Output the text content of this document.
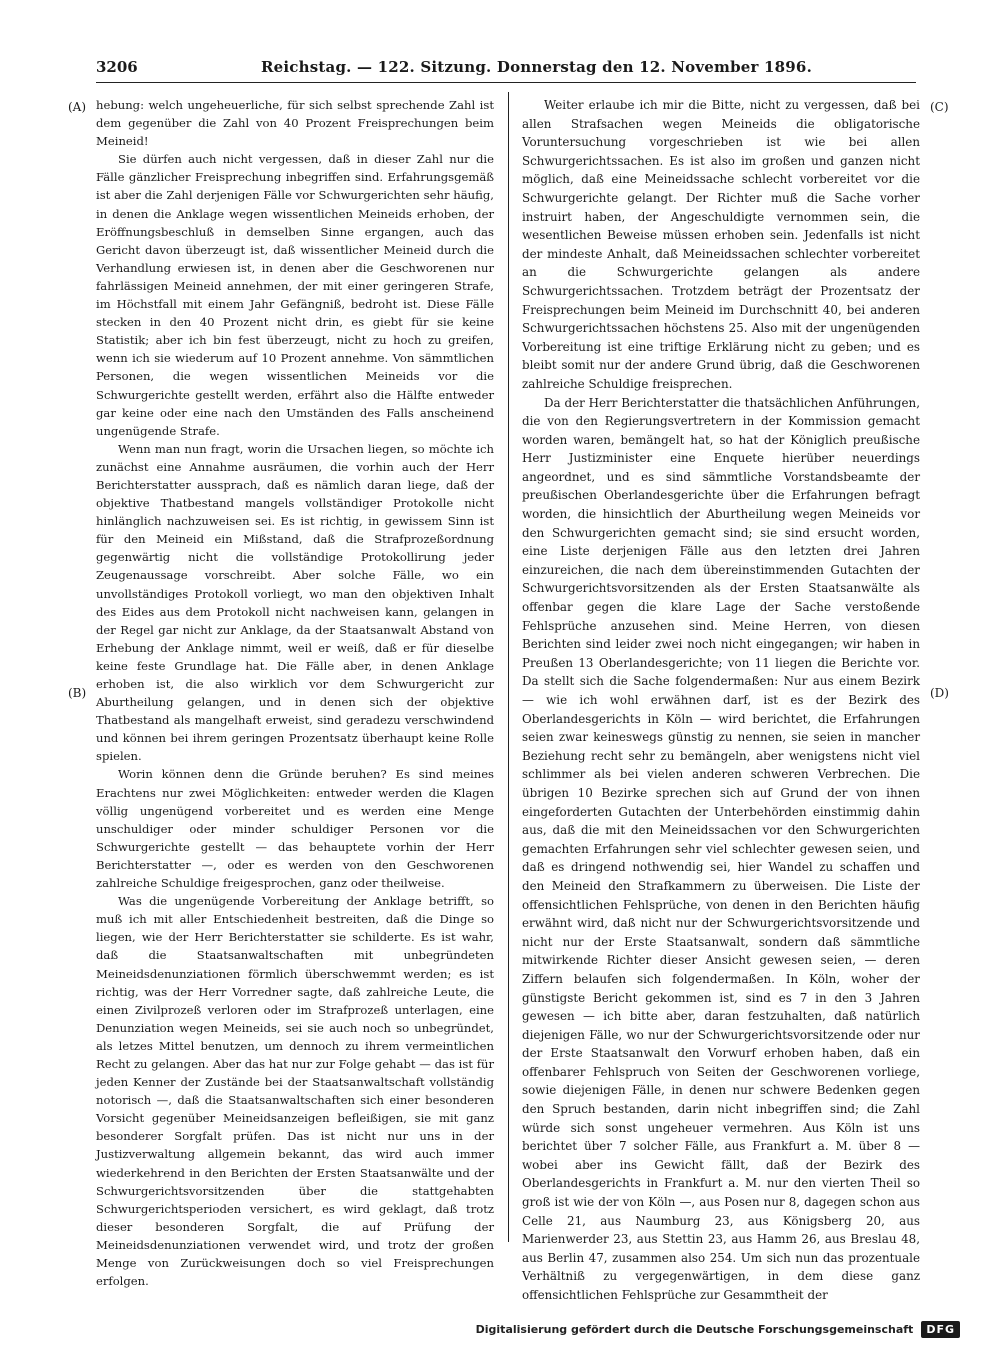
3206	Reichstag. — 122. Sitzung. Donnerstag den 12. November 1896.
(A)
(B)
(C)
(D)

hebung: welch ungeheuerliche, für sich selbst sprechende Zahl ist dem gegenüber die Zahl von 40 Prozent Freisprechungen beim Meineid!

Sie dürfen auch nicht vergessen, daß in dieser Zahl nur die Fälle gänzlicher Freisprechung inbegriffen sind. Erfahrungsgemäß ist aber die Zahl derjenigen Fälle vor Schwurgerichten sehr häufig, in denen die Anklage wegen wissentlichen Meineids erhoben, der Eröffnungsbeschluß in demselben Sinne ergangen, auch das Gericht davon überzeugt ist, daß wissentlicher Meineid durch die Verhandlung erwiesen ist, in denen aber die Geschworenen nur fahrlässigen Meineid annehmen, der mit einer geringeren Strafe, im Höchstfall mit einem Jahr Gefängniß, bedroht ist. Diese Fälle stecken in den 40 Prozent nicht drin, es giebt für sie keine Statistik; aber ich bin fest überzeugt, nicht zu hoch zu greifen, wenn ich sie wiederum auf 10 Prozent annehme. Von sämmtlichen Personen, die wegen wissentlichen Meineids vor die Schwurgerichte gestellt werden, erfährt also die Hälfte entweder gar keine oder eine nach den Umständen des Falls anscheinend ungenügende Strafe.

Wenn man nun fragt, worin die Ursachen liegen, so möchte ich zunächst eine Annahme ausräumen, die vorhin auch der Herr Berichterstatter aussprach, daß es nämlich daran liege, daß der objektive Thatbestand mangels vollständiger Protokolle nicht hinlänglich nachzuweisen sei. Es ist richtig, in gewissem Sinn ist für den Meineid ein Mißstand, daß die Strafprozeßordnung gegenwärtig nicht die vollständige Protokollirung jeder Zeugenaussage vorschreibt. Aber solche Fälle, wo ein unvollständiges Protokoll vorliegt, wo man den objektiven Inhalt des Eides aus dem Protokoll nicht nachweisen kann, gelangen in der Regel gar nicht zur Anklage, da der Staatsanwalt Abstand von Erhebung der Anklage nimmt, weil er weiß, daß er für dieselbe keine feste Grundlage hat. Die Fälle aber, in denen Anklage erhoben ist, die also wirklich vor dem Schwurgericht zur Aburtheilung gelangen, und in denen sich der objektive Thatbestand als mangelhaft erweist, sind geradezu verschwindend und können bei ihrem geringen Prozentsatz überhaupt keine Rolle spielen.

Worin können denn die Gründe beruhen? Es sind meines Erachtens nur zwei Möglichkeiten: entweder werden die Klagen völlig ungenügend vorbereitet und es werden eine Menge unschuldiger oder minder schuldiger Personen vor die Schwurgerichte gestellt — das behauptete vorhin der Herr Berichterstatter —, oder es werden von den Geschworenen zahlreiche Schuldige freigesprochen, ganz oder theilweise.

Was die ungenügende Vorbereitung der Anklage betrifft, so muß ich mit aller Entschiedenheit bestreiten, daß die Dinge so liegen, wie der Herr Berichterstatter sie schilderte. Es ist wahr, daß die Staatsanwaltschaften mit unbegründeten Meineidsdenunziationen förmlich überschwemmt werden; es ist richtig, was der Herr Vorredner sagte, daß zahlreiche Leute, die einen Zivilprozeß verloren oder im Strafprozeß unterlagen, eine Denunziation wegen Meineids, sei sie auch noch so unbegründet, als letzes Mittel benutzen, um dennoch zu ihrem vermeintlichen Recht zu gelangen. Aber das hat nur zur Folge gehabt — das ist für jeden Kenner der Zustände bei der Staatsanwaltschaft vollständig notorisch —, daß die Staatsanwaltschaften sich einer besonderen Vorsicht gegenüber Meineidsanzeigen befleißigen, sie mit ganz besonderer Sorgfalt prüfen. Das ist nicht nur uns in der Justizverwaltung allgemein bekannt, das wird auch immer wiederkehrend in den Berichten der Ersten Staatsanwälte und der Schwurgerichtsvorsitzenden über die stattgehabten Schwurgerichtsperioden versichert, es wird geklagt, daß trotz dieser besonderen Sorgfalt, die auf Prüfung der Meineidsdenunziationen verwendet wird, und trotz der großen Menge von Zurückweisungen doch so viel Freisprechungen erfolgen.

Weiter erlaube ich mir die Bitte, nicht zu vergessen, daß bei allen Strafsachen wegen Meineids die obligatorische Voruntersuchung vorgeschrieben ist wie bei allen Schwurgerichtssachen. Es ist also im großen und ganzen nicht möglich, daß eine Meineidssache schlecht vorbereitet vor die Schwurgerichte gelangt. Der Richter muß die Sache vorher instruirt haben, der Angeschuldigte vernommen sein, die wesentlichen Beweise müssen erhoben sein. Jedenfalls ist nicht der mindeste Anhalt, daß Meineidssachen schlechter vorbereitet an die Schwurgerichte gelangen als andere Schwurgerichtssachen. Trotzdem beträgt der Prozentsatz der Freisprechungen beim Meineid im Durchschnitt 40, bei anderen Schwurgerichtssachen höchstens 25. Also mit der ungenügenden Vorbereitung ist eine triftige Erklärung nicht zu geben; und es bleibt somit nur der andere Grund übrig, daß die Geschworenen zahlreiche Schuldige freisprechen.

Da der Herr Berichterstatter die thatsächlichen Anführungen, die von den Regierungsvertretern in der Kommission gemacht worden waren, bemängelt hat, so hat der Königlich preußische Herr Justizminister eine Enquete hierüber neuerdings angeordnet, und es sind sämmtliche Vorstandsbeamte der preußischen Oberlandesgerichte über die Erfahrungen befragt worden, die hinsichtlich der Aburtheilung wegen Meineids vor den Schwurgerichten gemacht sind; sie sind ersucht worden, eine Liste derjenigen Fälle aus den letzten drei Jahren einzureichen, die nach dem übereinstimmenden Gutachten der Schwurgerichtsvorsitzenden als der Ersten Staatsanwälte als offenbar gegen die klare Lage der Sache verstoßende Fehlsprüche anzusehen sind. Meine Herren, von diesen Berichten sind leider zwei noch nicht eingegangen; wir haben in Preußen 13 Oberlandesgerichte; von 11 liegen die Berichte vor. Da stellt sich die Sache folgendermaßen: Nur aus einem Bezirk — wie ich wohl erwähnen darf, ist es der Bezirk des Oberlandesgerichts in Köln — wird berichtet, die Erfahrungen seien zwar keineswegs günstig zu nennen, sie seien in mancher Beziehung recht sehr zu bemängeln, aber wenigstens nicht viel schlimmer als bei vielen anderen schweren Verbrechen. Die übrigen 10 Bezirke sprechen sich auf Grund der von ihnen eingeforderten Gutachten der Unterbehörden einstimmig dahin aus, daß die mit den Meineidssachen vor den Schwurgerichten gemachten Erfahrungen sehr viel schlechter gewesen seien, und daß es dringend nothwendig sei, hier Wandel zu schaffen und den Meineid den Strafkammern zu überweisen. Die Liste der offensichtlichen Fehlsprüche, von denen in den Berichten häufig erwähnt wird, daß nicht nur der Schwurgerichtsvorsitzende und nicht nur der Erste Staatsanwalt, sondern daß sämmtliche mitwirkende Richter dieser Ansicht gewesen seien, — deren Ziffern belaufen sich folgendermaßen. In Köln, woher der günstigste Bericht gekommen ist, sind es 7 in den 3 Jahren gewesen — ich bitte aber, daran festzuhalten, daß natürlich diejenigen Fälle, wo nur der Schwurgerichtsvorsitzende oder nur der Erste Staatsanwalt den Vorwurf erhoben haben, daß ein offenbarer Fehlspruch von Seiten der Geschworenen vorliege, sowie diejenigen Fälle, in denen nur schwere Bedenken gegen den Spruch bestanden, darin nicht inbegriffen sind; die Zahl würde sich sonst ungeheuer vermehren. Aus Köln ist uns berichtet über 7 solcher Fälle, aus Frankfurt a. M. über 8 — wobei aber ins Gewicht fällt, daß der Bezirk des Oberlandesgerichts in Frankfurt a. M. nur den vierten Theil so groß ist wie der von Köln —, aus Posen nur 8, dagegen schon aus Celle 21, aus Naumburg 23, aus Königsberg 20, aus Marienwerder 23, aus Stettin 23, aus Hamm 26, aus Breslau 48, aus Berlin 47, zusammen also 254. Um sich nun das prozentuale Verhältniß zu vergegenwärtigen, in dem diese ganz offensichtlichen Fehlsprüche zur Gesammtheit der

Digitalisierung gefördert durch die Deutsche Forschungsgemeinschaft	DFG
